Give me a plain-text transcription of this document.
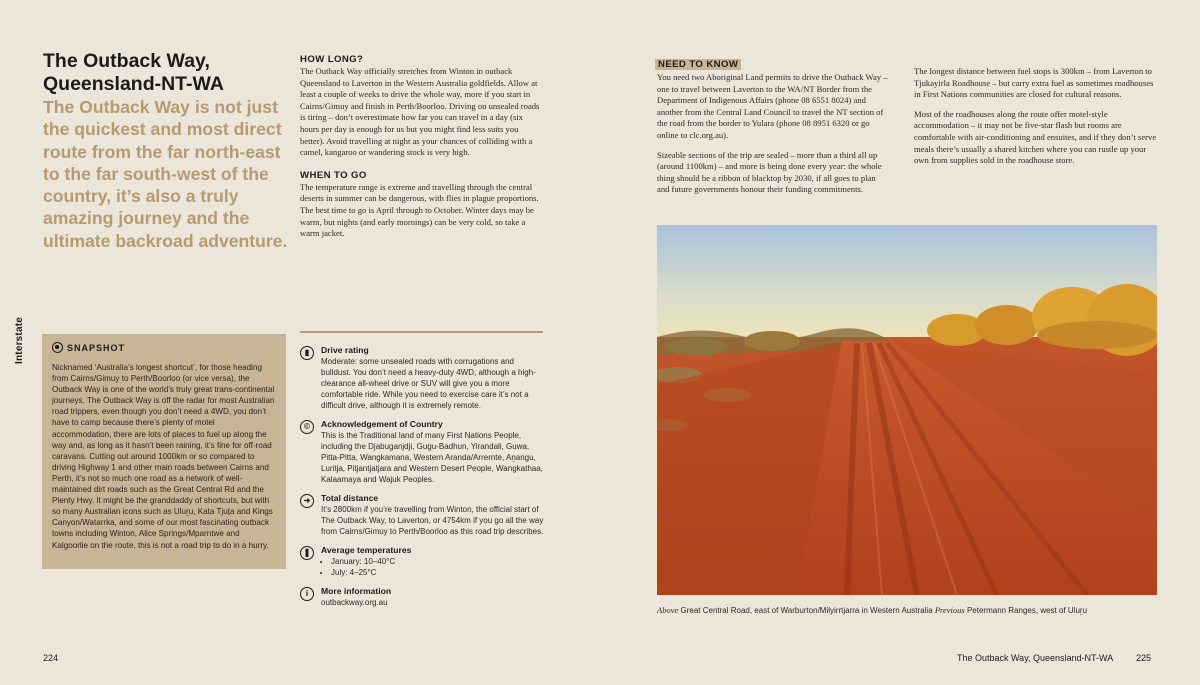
The Outback Way, Queensland-NT-WA

The Outback Way is not just the quickest and most direct route from the far north-east to the far south-west of the country, it’s also a truly amazing journey and the ultimate backroad adventure.

Interstate	SNAPSHOT

Nicknamed ‘Australia’s longest shortcut’, for those heading from Cairns/Gimuy to Perth/Boorloo (or vice versa), the Outback Way is one of the world’s truly great trans-continental journeys. The Outback Way is off the radar for most Australian road trippers, even though you don’t need a 4WD, you don’t have to camp because there’s plenty of motel accommodation, there are lots of places to fuel up along the way and, as long as it hasn’t been raining, it’s fine for off-road caravans. Cutting out around 1000km or so compared to driving Highway 1 and other main roads between Cairns and Perth, it’s not so much one road as a network of well-maintained dirt roads such as the Great Central Rd and the Plenty Hwy. It might be the granddaddy of shortcuts, but with so many Australian icons such as Uluṟu, Kata Tjuṯa and Kings Canyon/Watarrka, and some of our most fascinating outback towns including Winton, Alice Springs/Mparntwe and Kalgoorlie on the route, this is not a road trip to do in a hurry.

HOW LONG?

The Outback Way officially stretches from Winton in outback Queensland to Laverton in the Western Australia goldfields. Allow at least a couple of weeks to drive the whole way, more if you start in Cairns/Gimuy and finish in Perth/Boorloo. Driving on unsealed roads is tiring – don’t overestimate how far you can travel in a day (six hours per day is enough for us but you might find less suits you better). Avoid travelling at night as your chances of colliding with a camel, kangaroo or wandering stock is very high.

WHEN TO GO

The temperature range is extreme and travelling through the central deserts in summer can be dangerous, with flies in plague proportions. The best time to go is April through to October. Winter days may be warm, but nights (and early mornings) can be very cold, so take a warm jacket.

▮	Drive rating

Moderate: some unsealed roads with corrugations and bulldust. You don’t need a heavy-duty 4WD, although a high-clearance all-wheel drive or SUV will give you a more comfortable ride. While you need to exercise care it’s not a difficult drive, although it is extremely remote.

©	Acknowledgement of Country

This is the Traditional land of many First Nations People, including the Djabuganjdji, Gugu-Badhun, Yirandali, Guwa, Pitta-Pitta, Wangkamana, Western Aranda/Arrernte, Aṉangu, Luritja, Pitjantjatjara and Western Desert People, Wangkathaa, Kalaamaya and Wajuk Peoples.

➜	Total distance

It’s 2800km if you’re travelling from Winton, the official start of The Outback Way, to Laverton, or 4754km if you go all the way from Cairns/Gimuy to Perth/Boorloo as this road trip describes.

❚	Average temperatures

• January: 10–40°C
• July: 4–25°C
i	More information

outbackway.org.au

224
NEED TO KNOW

You need two Aboriginal Land permits to drive the Outback Way – one to travel between Laverton to the WA/NT Border from the Department of Indigenous Affairs (phone 08 6551 8024) and another from the Central Land Council to travel the NT section of the road from the border to Yulara (phone 08 8951 6320 or go online to clc.org.au).

Sizeable sections of the trip are sealed – more than a third all up (around 1100km) – and more is being done every year: the whole thing should be a ribbon of blacktop by 2030, if all goes to plan and future governments honour their funding commitments.

The longest distance between fuel stops is 300km – from Laverton to Tjukayirla Roadhouse – but carry extra fuel as sometimes roadhouses in First Nations communities are closed for cultural reasons.

Most of the roadhouses along the route offer motel-style accommodation – it may not be five-star flash but rooms are comfortable with air-conditioning and ensuites, and if they don’t serve meals there’s usually a shared kitchen where you can rustle up your own from supplies sold in the roadhouse store.

Above Great Central Road, east of Warburton/Milyirrtjarra in Western Australia Previous Petermann Ranges, west of Uluṟu
The Outback Way, Queensland-NT-WA	225
